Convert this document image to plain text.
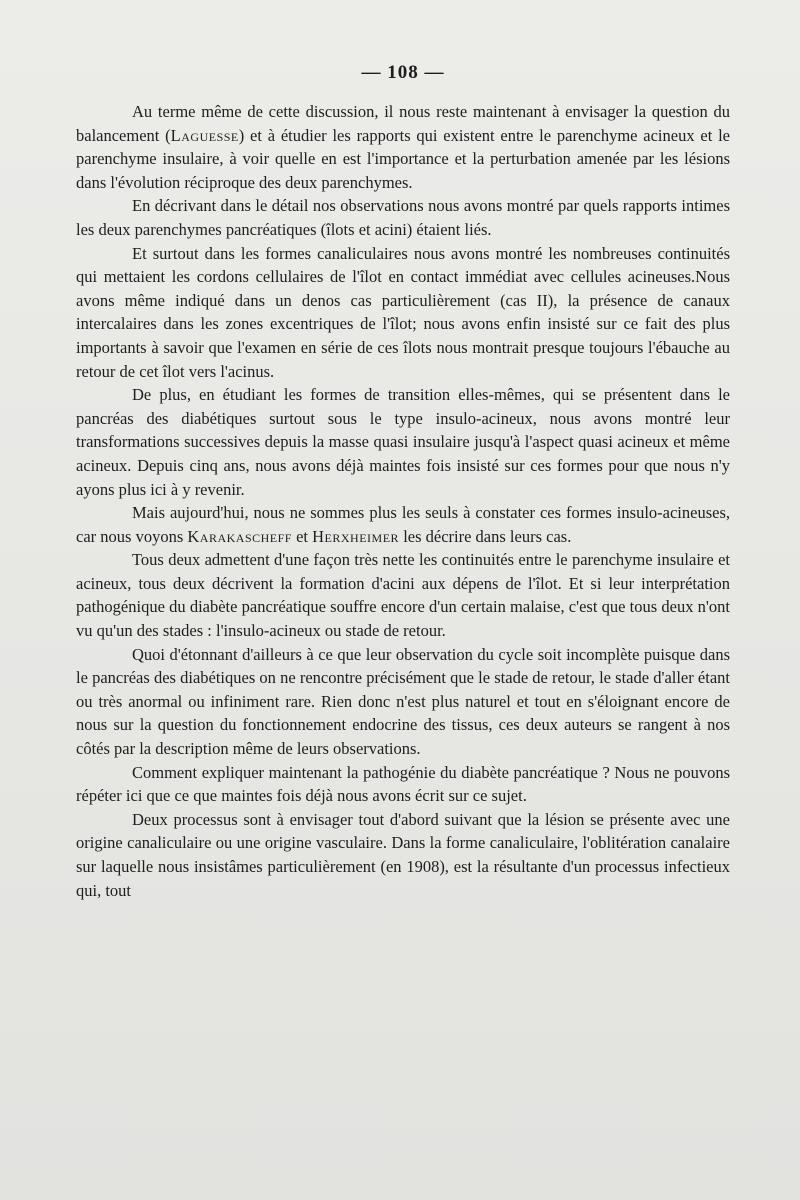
— 108 —

Au terme même de cette discussion, il nous reste maintenant à envisager la question du balancement (Laguesse) et à étudier les rapports qui existent entre le parenchyme acineux et le parenchyme insulaire, à voir quelle en est l'importance et la perturbation amenée par les lésions dans l'évolution réciproque des deux parenchymes.

En décrivant dans le détail nos observations nous avons montré par quels rapports intimes les deux parenchymes pancréatiques (îlots et acini) étaient liés.

Et surtout dans les formes canaliculaires nous avons montré les nombreuses continuités qui mettaient les cordons cellulaires de l'îlot en contact immédiat avec cellules acineuses.Nous avons même indiqué dans un denos cas particulièrement (cas II), la présence de canaux intercalaires dans les zones excentriques de l'îlot; nous avons enfin insisté sur ce fait des plus importants à savoir que l'examen en série de ces îlots nous montrait presque toujours l'ébauche au retour de cet îlot vers l'acinus.

De plus, en étudiant les formes de transition elles-mêmes, qui se présentent dans le pancréas des diabétiques surtout sous le type insulo-acineux, nous avons montré leur transformations successives depuis la masse quasi insulaire jusqu'à l'aspect quasi acineux et même acineux. Depuis cinq ans, nous avons déjà maintes fois insisté sur ces formes pour que nous n'y ayons plus ici à y revenir.

Mais aujourd'hui, nous ne sommes plus les seuls à constater ces formes insulo-acineuses, car nous voyons Karakascheff et Herxheimer les décrire dans leurs cas.

Tous deux admettent d'une façon très nette les continuités entre le parenchyme insulaire et acineux, tous deux décrivent la formation d'acini aux dépens de l'îlot. Et si leur interprétation pathogénique du diabète pancréatique souffre encore d'un certain malaise, c'est que tous deux n'ont vu qu'un des stades : l'insulo-acineux ou stade de retour.

Quoi d'étonnant d'ailleurs à ce que leur observation du cycle soit incomplète puisque dans le pancréas des diabétiques on ne rencontre précisément que le stade de retour, le stade d'aller étant ou très anormal ou infiniment rare. Rien donc n'est plus naturel et tout en s'éloignant encore de nous sur la question du fonctionnement endocrine des tissus, ces deux auteurs se rangent à nos côtés par la description même de leurs observations.

Comment expliquer maintenant la pathogénie du diabète pancréatique ? Nous ne pouvons répéter ici que ce que maintes fois déjà nous avons écrit sur ce sujet.

Deux processus sont à envisager tout d'abord suivant que la lésion se présente avec une origine canaliculaire ou une origine vasculaire. Dans la forme canaliculaire, l'oblitération canalaire sur laquelle nous insistâmes particulièrement (en 1908), est la résultante d'un processus infectieux qui, tout
